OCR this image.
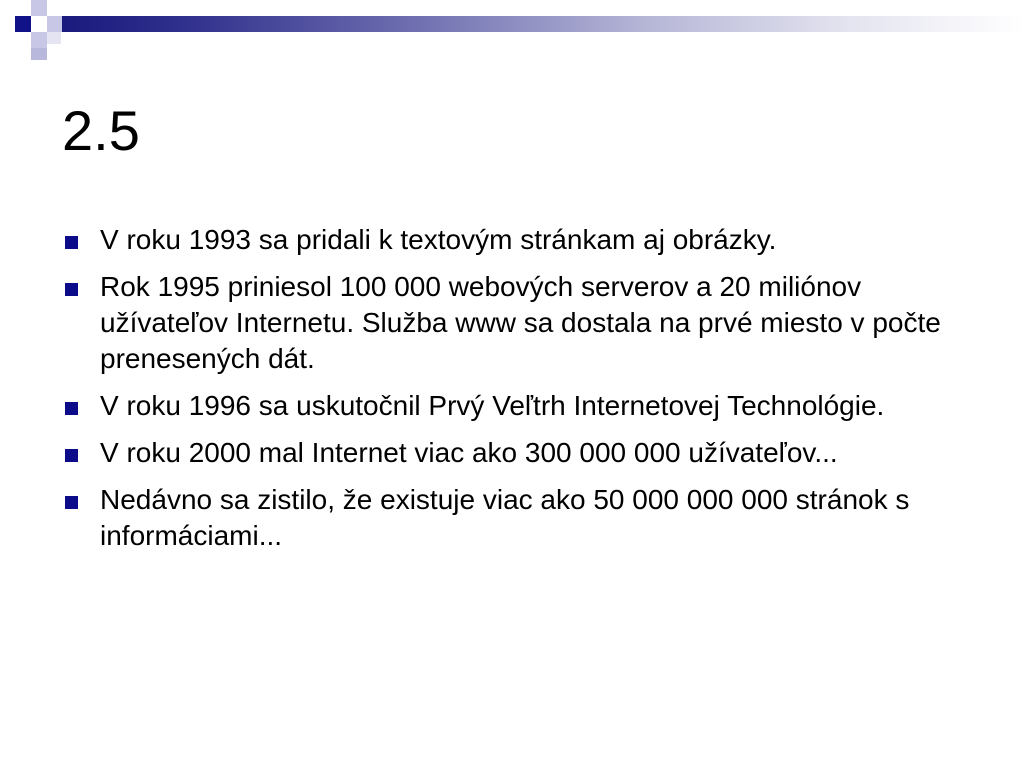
2.5
V roku 1993 sa pridali k textovým stránkam aj obrázky.
Rok 1995 priniesol 100 000 webových serverov a 20 miliónov užívateľov Internetu. Služba www sa dostala na prvé miesto v počte prenesených dát.
V roku 1996 sa uskutočnil Prvý Veľtrh Internetovej Technológie.
V roku 2000 mal Internet viac ako 300 000 000 užívateľov...
Nedávno sa zistilo, že existuje viac ako 50 000 000 000 stránok s informáciami...
